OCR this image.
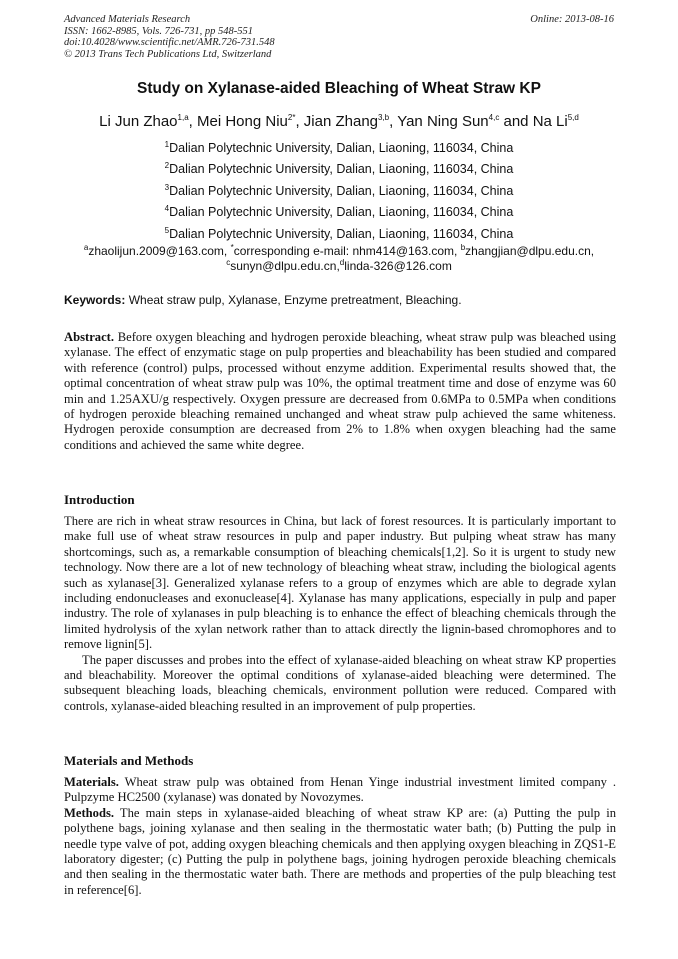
Advanced Materials Research
ISSN: 1662-8985, Vols. 726-731, pp 548-551
doi:10.4028/www.scientific.net/AMR.726-731.548
© 2013 Trans Tech Publications Ltd, Switzerland
Online: 2013-08-16
Study on Xylanase-aided Bleaching of Wheat Straw KP
Li Jun Zhao$^{1,a}$, Mei Hong Niu$^{2*}$, Jian Zhang$^{3,b}$, Yan Ning Sun$^{4,c}$ and Na Li$^{5,d}$
$^1$Dalian Polytechnic University, Dalian, Liaoning, 116034, China
$^2$Dalian Polytechnic University, Dalian, Liaoning, 116034, China
$^3$Dalian Polytechnic University, Dalian, Liaoning, 116034, China
$^4$Dalian Polytechnic University, Dalian, Liaoning, 116034, China
$^5$Dalian Polytechnic University, Dalian, Liaoning, 116034, China
$^a$zhaolijun.2009@163.com, *corresponding e-mail: nhm414@163.com, $^b$zhangjian@dlpu.edu.cn,
$^c$sunyn@dlpu.edu.cn,$^d$linda-326@126.com
Keywords: Wheat straw pulp, Xylanase, Enzyme pretreatment, Bleaching.
Abstract. Before oxygen bleaching and hydrogen peroxide bleaching, wheat straw pulp was bleached using xylanase. The effect of enzymatic stage on pulp properties and bleachability has been studied and compared with reference (control) pulps, processed without enzyme addition. Experimental results showed that, the optimal concentration of wheat straw pulp was 10%, the optimal treatment time and dose of enzyme was 60 min and 1.25AXU/g respectively. Oxygen pressure are decreased from 0.6MPa to 0.5MPa when conditions of hydrogen peroxide bleaching remained unchanged and wheat straw pulp achieved the same whiteness. Hydrogen peroxide consumption are decreased from 2% to 1.8% when oxygen bleaching had the same conditions and achieved the same white degree.
Introduction
There are rich in wheat straw resources in China, but lack of forest resources. It is particularly important to make full use of wheat straw resources in pulp and paper industry. But pulping wheat straw has many shortcomings, such as, a remarkable consumption of bleaching chemicals[1,2]. So it is urgent to study new technology. Now there are a lot of new technology of bleaching wheat straw, including the biological agents such as xylanase[3]. Generalized xylanase refers to a group of enzymes which are able to degrade xylan including endonucleases and exonuclease[4]. Xylanase has many applications, especially in pulp and paper industry. The role of xylanases in pulp bleaching is to enhance the effect of bleaching chemicals through the limited hydrolysis of the xylan network rather than to attack directly the lignin-based chromophores and to remove lignin[5].
The paper discusses and probes into the effect of xylanase-aided bleaching on wheat straw KP properties and bleachability. Moreover the optimal conditions of xylanase-aided bleaching were determined. The subsequent bleaching loads, bleaching chemicals, environment pollution were reduced. Compared with controls, xylanase-aided bleaching resulted in an improvement of pulp properties.
Materials and Methods
Materials. Wheat straw pulp was obtained from Henan Yinge industrial investment limited company . Pulpzyme HC2500 (xylanase) was donated by Novozymes.
Methods. The main steps in xylanase-aided bleaching of wheat straw KP are: (a) Putting the pulp in polythene bags, joining xylanase and then sealing in the thermostatic water bath; (b) Putting the pulp in needle type valve of pot, adding oxygen bleaching chemicals and then applying oxygen bleaching in ZQS1-E laboratory digester; (c) Putting the pulp in polythene bags, joining hydrogen peroxide bleaching chemicals and then sealing in the thermostatic water bath. There are methods and properties of the pulp bleaching test in reference[6].
